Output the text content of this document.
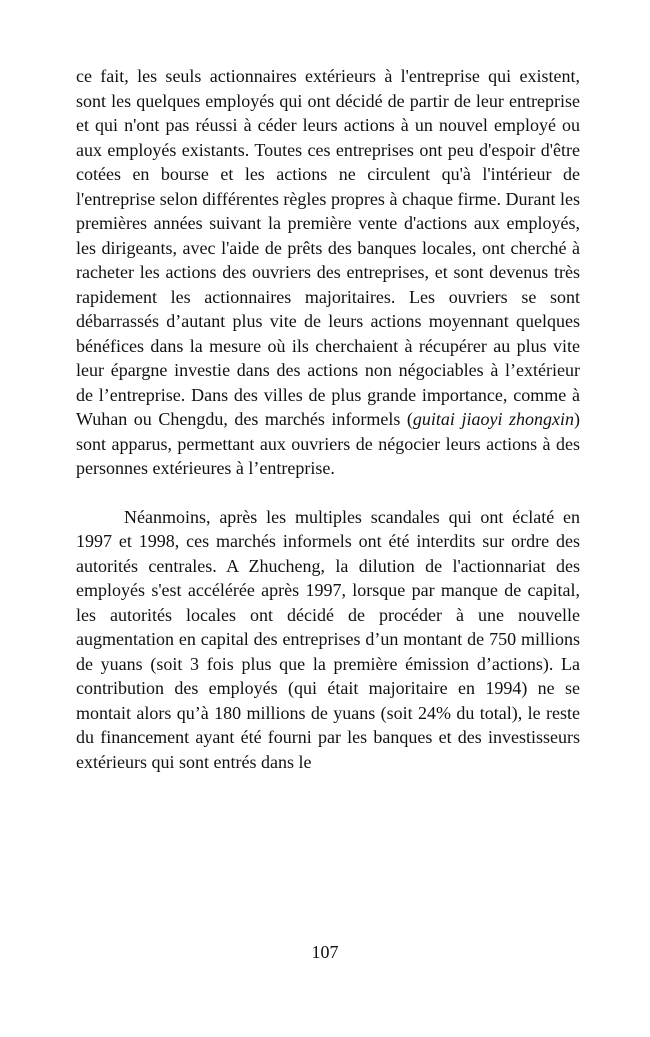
ce fait, les seuls actionnaires extérieurs à l'entreprise qui existent, sont les quelques employés qui ont décidé de partir de leur entreprise et qui n'ont pas réussi à céder leurs actions à un nouvel employé ou aux employés existants. Toutes ces entreprises ont peu d'espoir d'être cotées en bourse et les actions ne circulent qu'à l'intérieur de l'entreprise selon différentes règles propres à chaque firme. Durant les premières années suivant la première vente d'actions aux employés, les dirigeants, avec l'aide de prêts des banques locales, ont cherché à racheter les actions des ouvriers des entreprises, et sont devenus très rapidement les actionnaires majoritaires. Les ouvriers se sont débarrassés d’autant plus vite de leurs actions moyennant quelques bénéfices dans la mesure où ils cherchaient à récupérer au plus vite leur épargne investie dans des actions non négociables à l’extérieur de l’entreprise. Dans des villes de plus grande importance, comme à Wuhan ou Chengdu, des marchés informels (guitai jiaoyi zhongxin) sont apparus, permettant aux ouvriers de négocier leurs actions à des personnes extérieures à l’entreprise.

Néanmoins, après les multiples scandales qui ont éclaté en 1997 et 1998, ces marchés informels ont été interdits sur ordre des autorités centrales. A Zhucheng, la dilution de l'actionnariat des employés s'est accélérée après 1997, lorsque par manque de capital, les autorités locales ont décidé de procéder à une nouvelle augmentation en capital des entreprises d’un montant de 750 millions de yuans (soit 3 fois plus que la première émission d’actions). La contribution des employés (qui était majoritaire en 1994) ne se montait alors qu’à 180 millions de yuans (soit 24% du total), le reste du financement ayant été fourni par les banques et des investisseurs extérieurs qui sont entrés dans le

107
